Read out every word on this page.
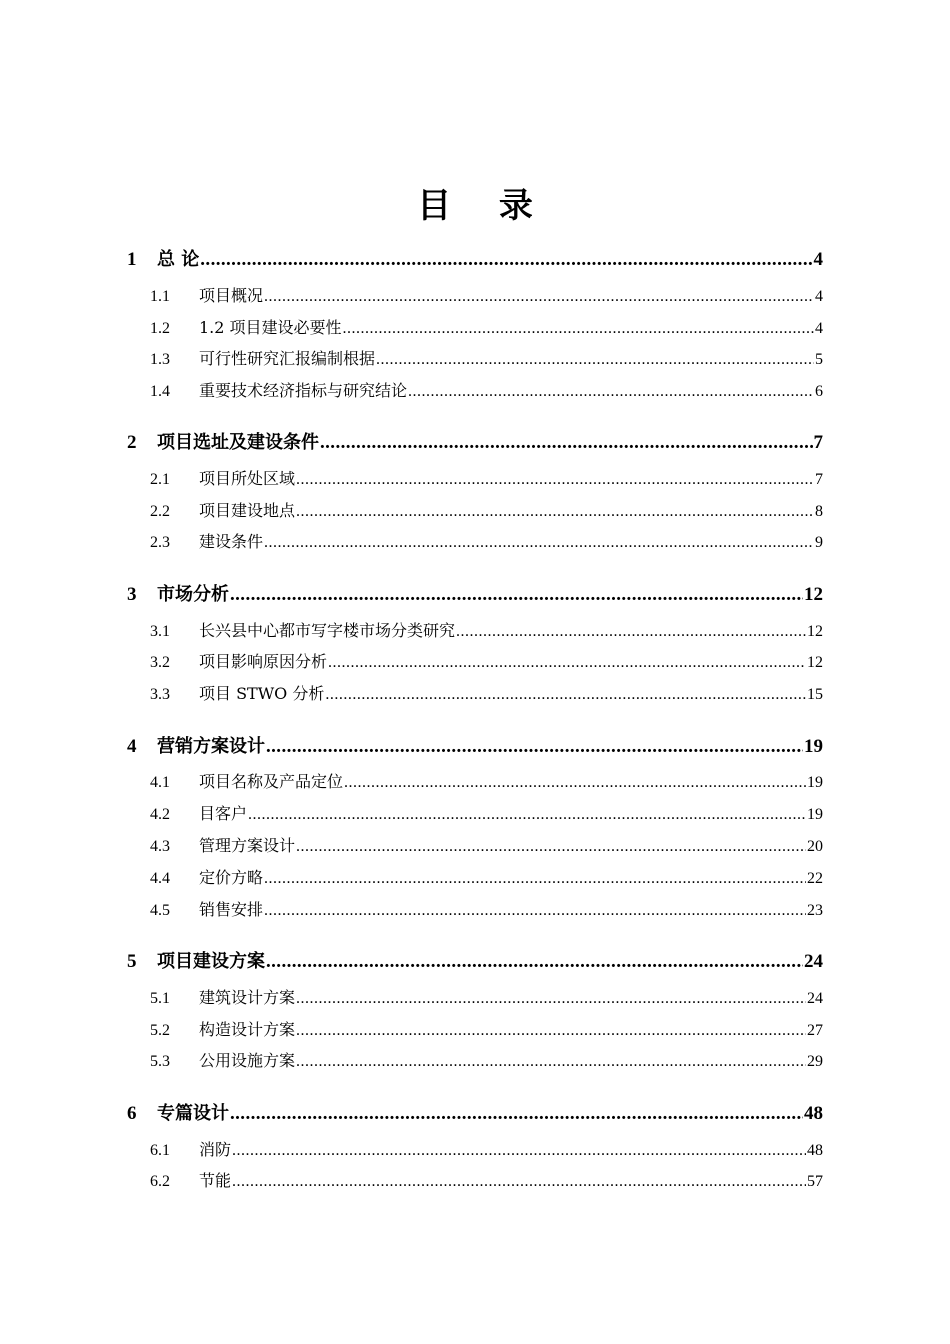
目 录
1	总 论 .....	4
1.1	项目概况 .....	4
1.2	1.2 项目建设必要性 .....	4
1.3	可行性研究汇报编制根据 .....	5
1.4	重要技术经济指标与研究结论 .....	6
2	项目选址及建设条件 .....	7
2.1	项目所处区域 .....	7
2.2	项目建设地点 .....	8
2.3	建设条件 .....	9
3	市场分析 .....	12
3.1	长兴县中心都市写字楼市场分类研究 .....	12
3.2	项目影响原因分析 .....	12
3.3	项目 STWO 分析 .....	15
4	营销方案设计 .....	19
4.1	项目名称及产品定位 .....	19
4.2	目客户 .....	19
4.3	管理方案设计 .....	20
4.4	定价方略 .....	22
4.5	销售安排 .....	23
5	项目建设方案 .....	24
5.1	建筑设计方案 .....	24
5.2	构造设计方案 .....	27
5.3	公用设施方案 .....	29
6	专篇设计 .....	48
6.1	消防 .....	48
6.2	节能 .....	57
